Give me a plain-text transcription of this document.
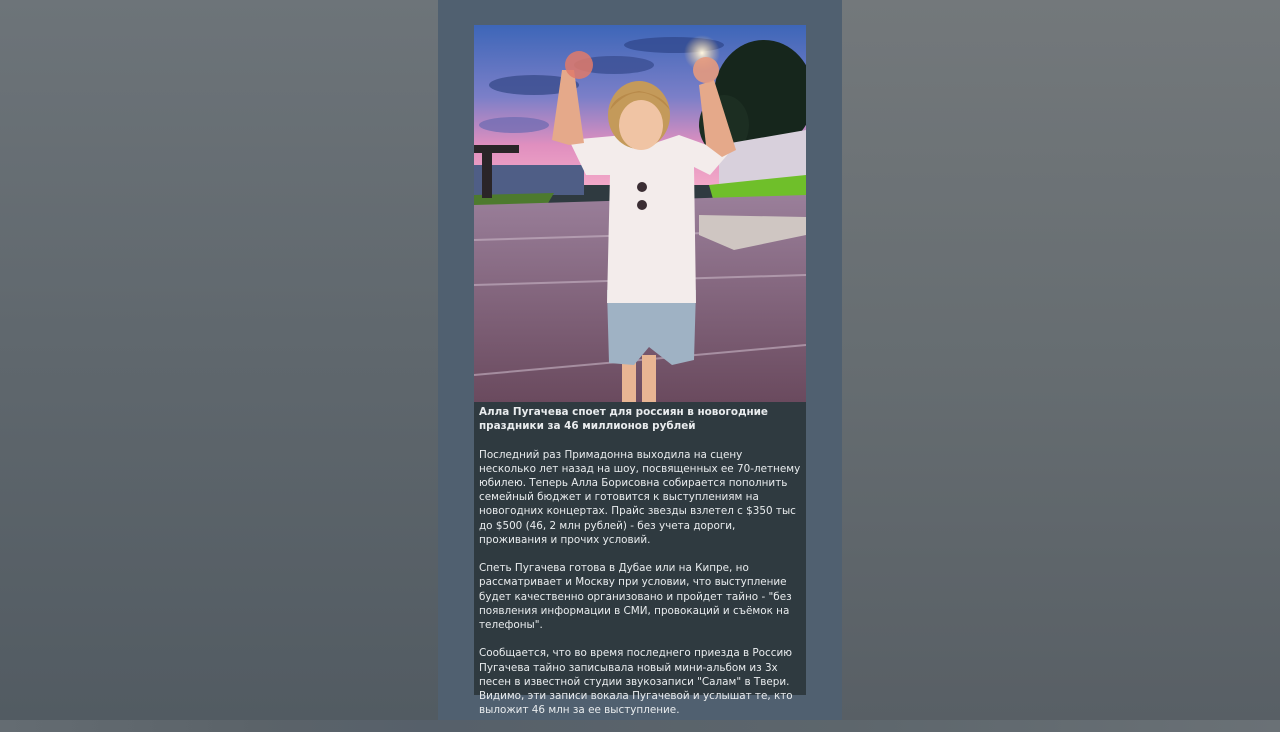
Алла Пугачева споет для россиян в новогодние праздники за 46 миллионов рублей

Последний раз Примадонна выходила на сцену несколько лет назад на шоу, посвященных ее 70-летнему юбилею. Теперь Алла Борисовна собирается пополнить семейный бюджет и готовится к выступлениям на новогодних концертах. Прайс звезды взлетел с $350 тыс до $500 (46, 2 млн рублей) - без учета дороги, проживания и прочих условий.

Спеть Пугачева готова в Дубае или на Кипре, но рассматривает и Москву при условии, что выступление будет качественно организовано и пройдет тайно - "без появления информации в СМИ, провокаций и съёмок на телефоны".

Сообщается, что во время последнего приезда в Россию Пугачева тайно записывала новый мини-альбом из 3х песен в известной студии звукозаписи "Салам" в Твери. Видимо, эти записи вокала Пугачевой и услышат те, кто выложит 46 млн за ее выступление.
